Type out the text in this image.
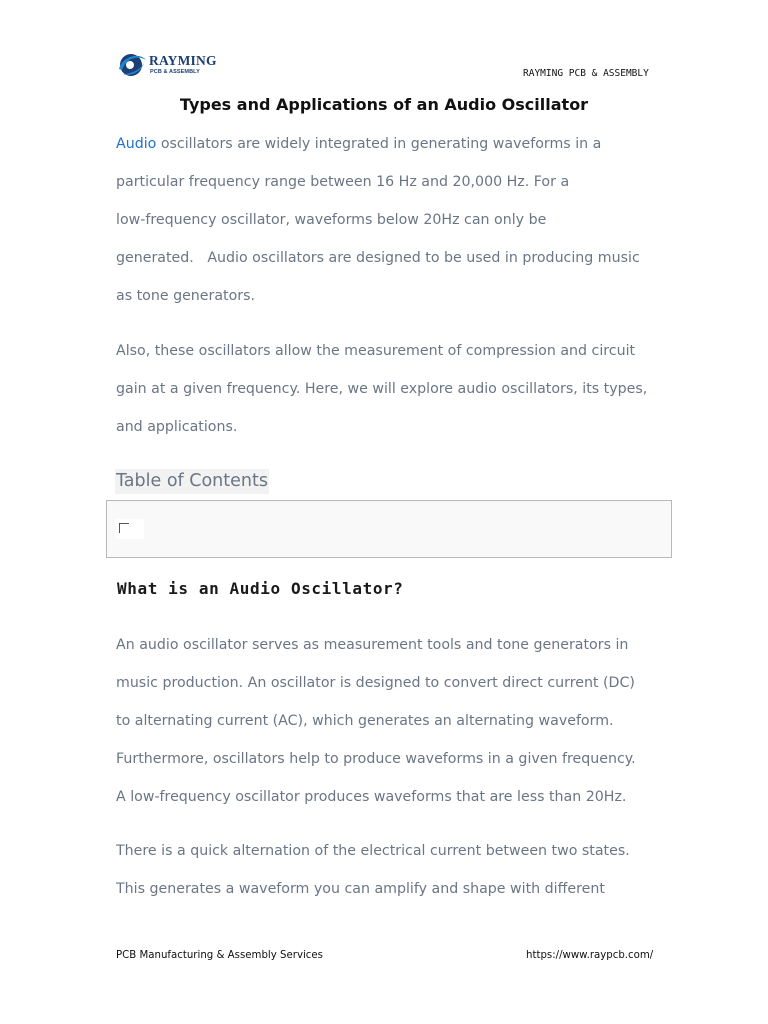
RAYMING
PCB & ASSEMBLY	RAYMING PCB & ASSEMBLY
Types and Applications of an Audio Oscillator
Audio oscillators are widely integrated in generating waveforms in a
particular frequency range between 16 Hz and 20,000 Hz. For a
low-frequency oscillator, waveforms below 20Hz can only be
generated.   Audio oscillators are designed to be used in producing music
as tone generators.
Also, these oscillators allow the measurement of compression and circuit
gain at a given frequency. Here, we will explore audio oscillators, its types,
and applications.
Table of Contents
What is an Audio Oscillator?
An audio oscillator serves as measurement tools and tone generators in
music production. An oscillator is designed to convert direct current (DC)
to alternating current (AC), which generates an alternating waveform.
Furthermore, oscillators help to produce waveforms in a given frequency.
A low-frequency oscillator produces waveforms that are less than 20Hz.
There is a quick alternation of the electrical current between two states.
This generates a waveform you can amplify and shape with different
PCB Manufacturing & Assembly Services	https://www.raypcb.com/
